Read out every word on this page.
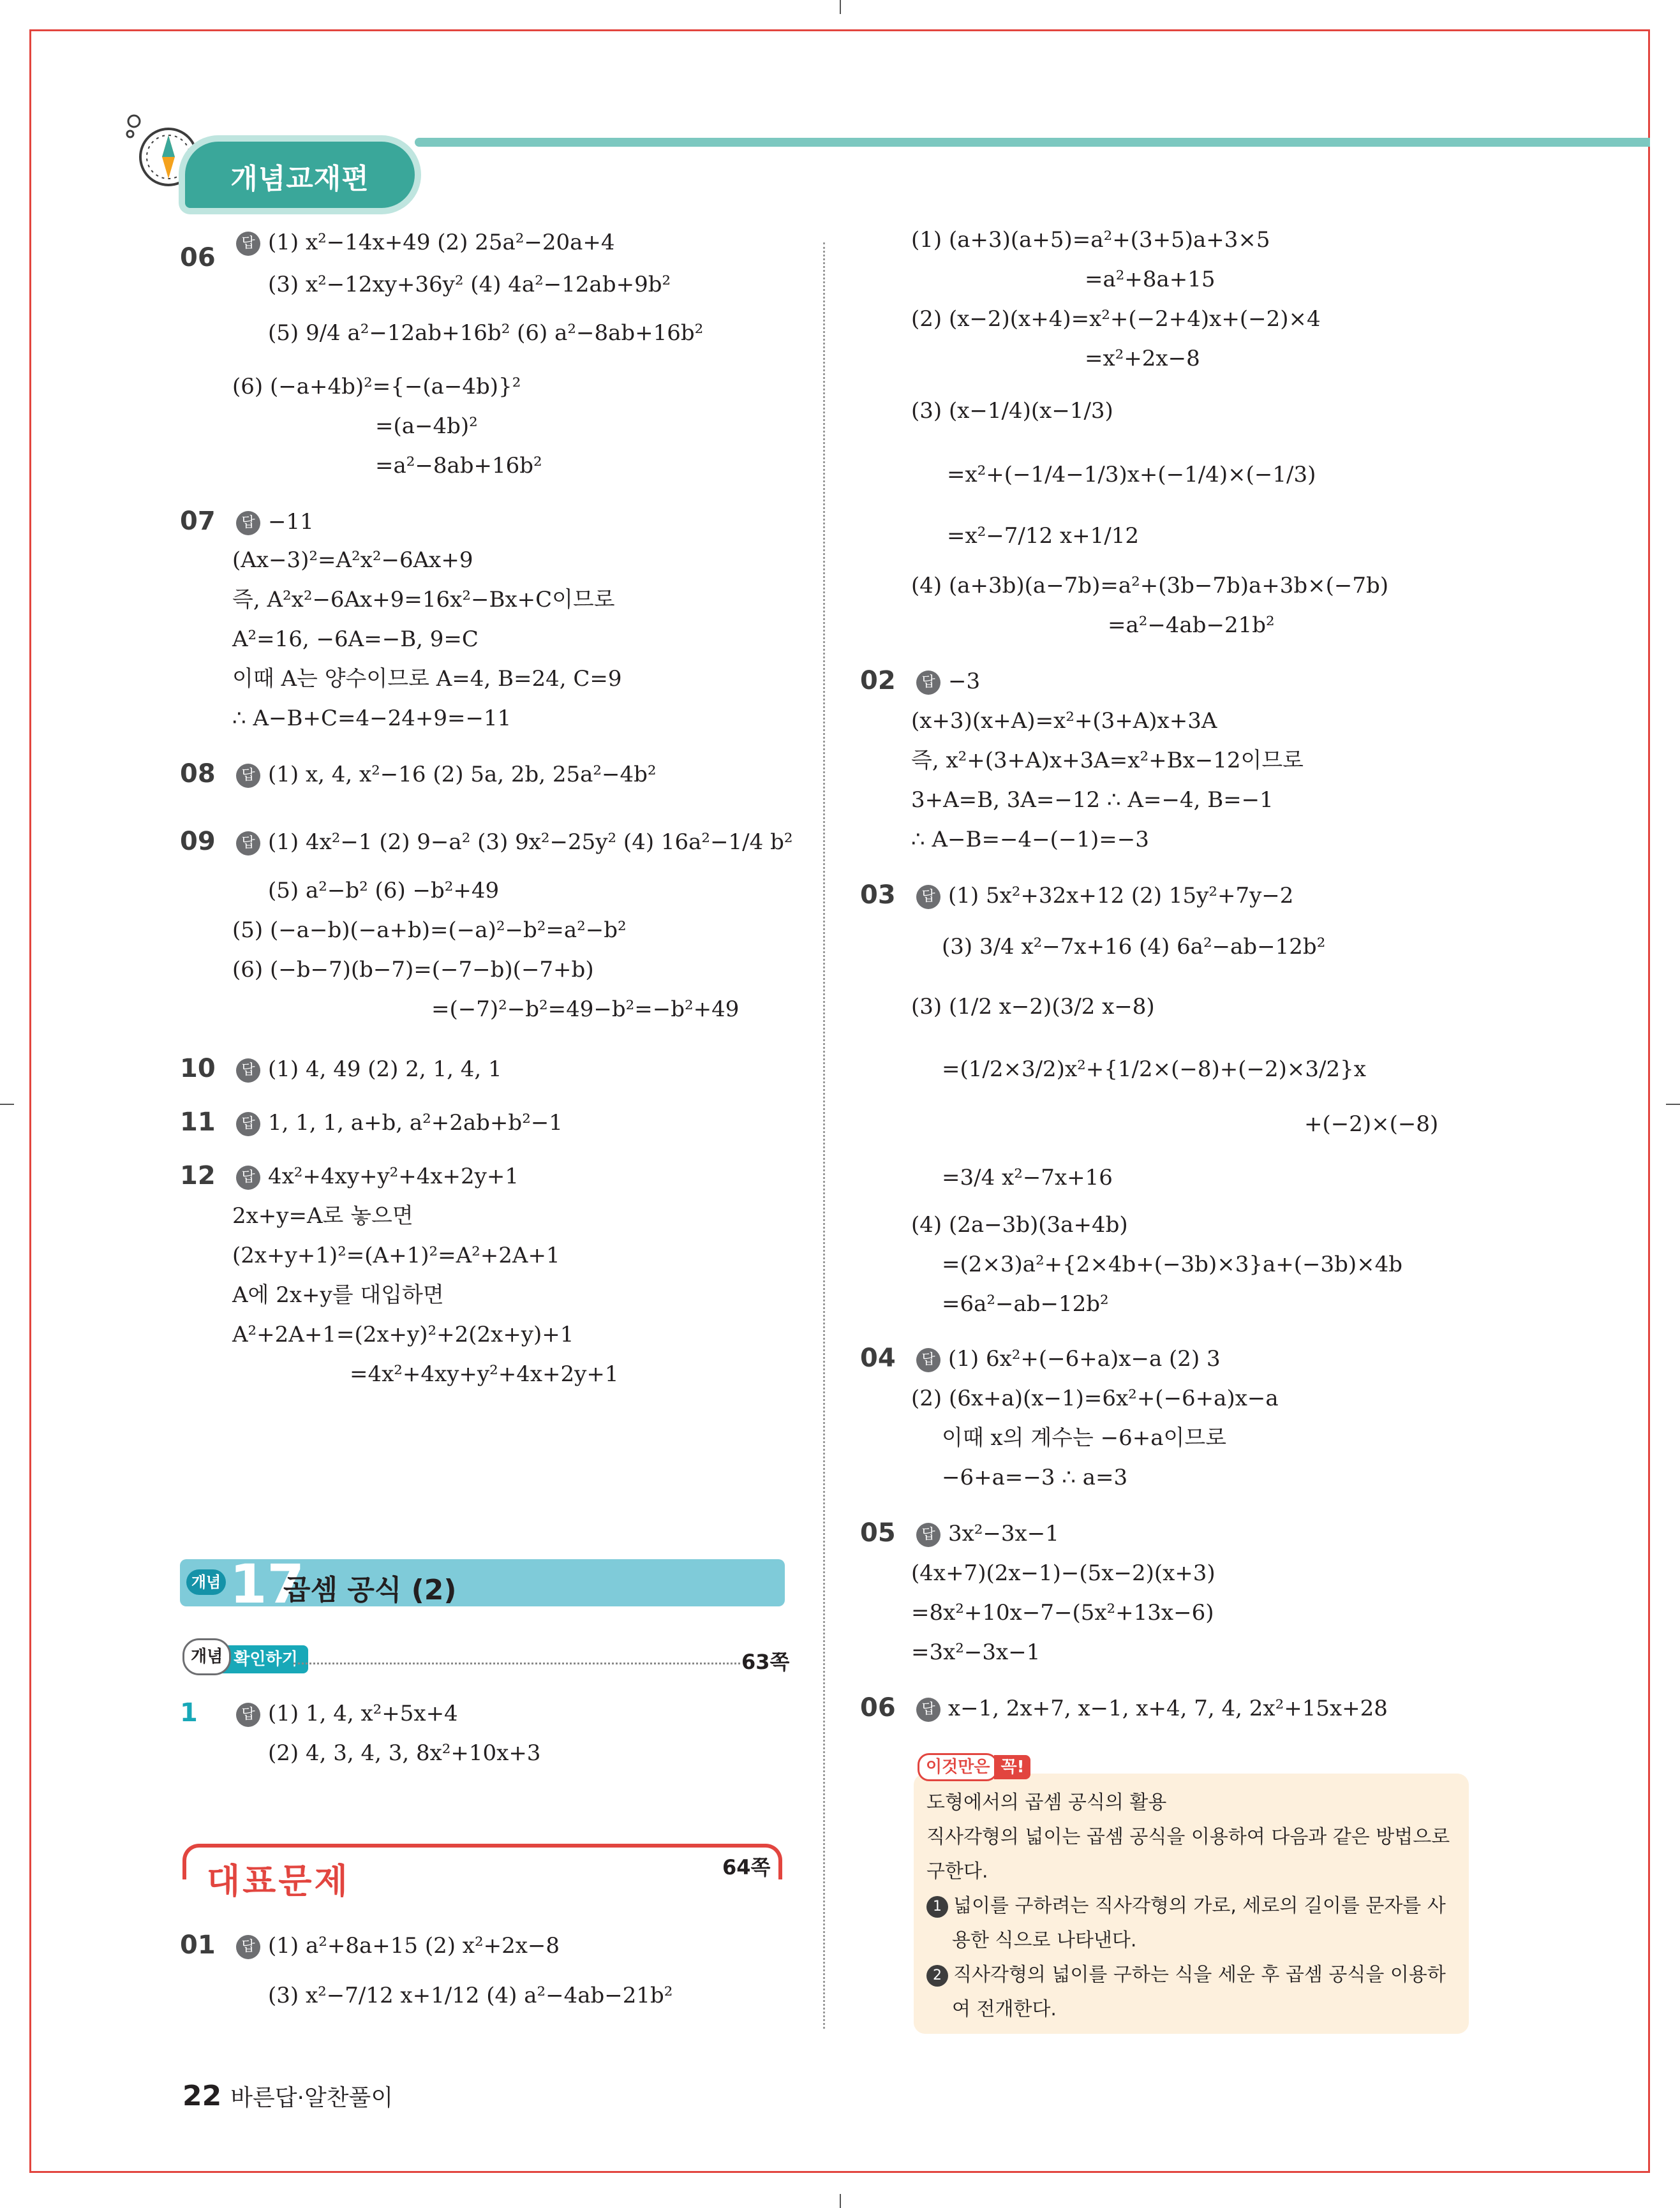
개념교재편
06	답 (1) x²−14x+49 (2) 25a²−20a+4
(3) x²−12xy+36y² (4) 4a²−12ab+9b²
(5) 9/4 a²−12ab+16b² (6) a²−8ab+16b²
(6) (−a+4b)²={−(a−4b)}²
=(a−4b)²
=a²−8ab+16b²
07	답 −11
(Ax−3)²=A²x²−6Ax+9
즉, A²x²−6Ax+9=16x²−Bx+C이므로
A²=16, −6A=−B, 9=C
이때 A는 양수이므로 A=4, B=24, C=9
∴ A−B+C=4−24+9=−11
08	답 (1) x, 4, x²−16 (2) 5a, 2b, 25a²−4b²
09	답 (1) 4x²−1 (2) 9−a² (3) 9x²−25y² (4) 16a²−1/4 b²
(5) a²−b² (6) −b²+49
(5) (−a−b)(−a+b)=(−a)²−b²=a²−b²
(6) (−b−7)(b−7)=(−7−b)(−7+b)
=(−7)²−b²=49−b²=−b²+49
10	답 (1) 4, 49 (2) 2, 1, 4, 1
11	답 1, 1, 1, a+b, a²+2ab+b²−1
12	답 4x²+4xy+y²+4x+2y+1
2x+y=A로 놓으면
(2x+y+1)²=(A+1)²=A²+2A+1
A에 2x+y를 대입하면
A²+2A+1=(2x+y)²+2(2x+y)+1
=4x²+4xy+y²+4x+2y+1
개념 17
곱셈 공식 (2)
개념 확인하기	63쪽
1	답 (1) 1, 4, x²+5x+4
(2) 4, 3, 4, 3, 8x²+10x+3
대표문제	64쪽
01	답 (1) a²+8a+15 (2) x²+2x−8
(3) x²−7/12 x+1/12 (4) a²−4ab−21b²
(1) (a+3)(a+5)=a²+(3+5)a+3×5
=a²+8a+15
(2) (x−2)(x+4)=x²+(−2+4)x+(−2)×4
=x²+2x−8
(3) (x−1/4)(x−1/3)
=x²+(−1/4−1/3)x+(−1/4)×(−1/3)
=x²−7/12 x+1/12
(4) (a+3b)(a−7b)=a²+(3b−7b)a+3b×(−7b)
=a²−4ab−21b²
02	답 −3
(x+3)(x+A)=x²+(3+A)x+3A
즉, x²+(3+A)x+3A=x²+Bx−12이므로
3+A=B, 3A=−12 ∴ A=−4, B=−1
∴ A−B=−4−(−1)=−3
03	답 (1) 5x²+32x+12 (2) 15y²+7y−2
(3) 3/4 x²−7x+16 (4) 6a²−ab−12b²
(3) (1/2 x−2)(3/2 x−8)
=(1/2×3/2)x²+{1/2×(−8)+(−2)×3/2}x
+(−2)×(−8)
=3/4 x²−7x+16
(4) (2a−3b)(3a+4b)
=(2×3)a²+{2×4b+(−3b)×3}a+(−3b)×4b
=6a²−ab−12b²
04	답 (1) 6x²+(−6+a)x−a (2) 3
(2) (6x+a)(x−1)=6x²+(−6+a)x−a
이때 x의 계수는 −6+a이므로
−6+a=−3 ∴ a=3
05	답 3x²−3x−1
(4x+7)(2x−1)−(5x−2)(x+3)
=8x²+10x−7−(5x²+13x−6)
=3x²−3x−1
06	답 x−1, 2x+7, x−1, x+4, 7, 4, 2x²+15x+28
이것만은 꼭!
도형에서의 곱셈 공식의 활용
직사각형의 넓이는 곱셈 공식을 이용하여 다음과 같은 방법으로
구한다.
1 넓이를 구하려는 직사각형의 가로, 세로의 길이를 문자를 사
용한 식으로 나타낸다.
2 직사각형의 넓이를 구하는 식을 세운 후 곱셈 공식을 이용하
여 전개한다.
22 바른답·알찬풀이
